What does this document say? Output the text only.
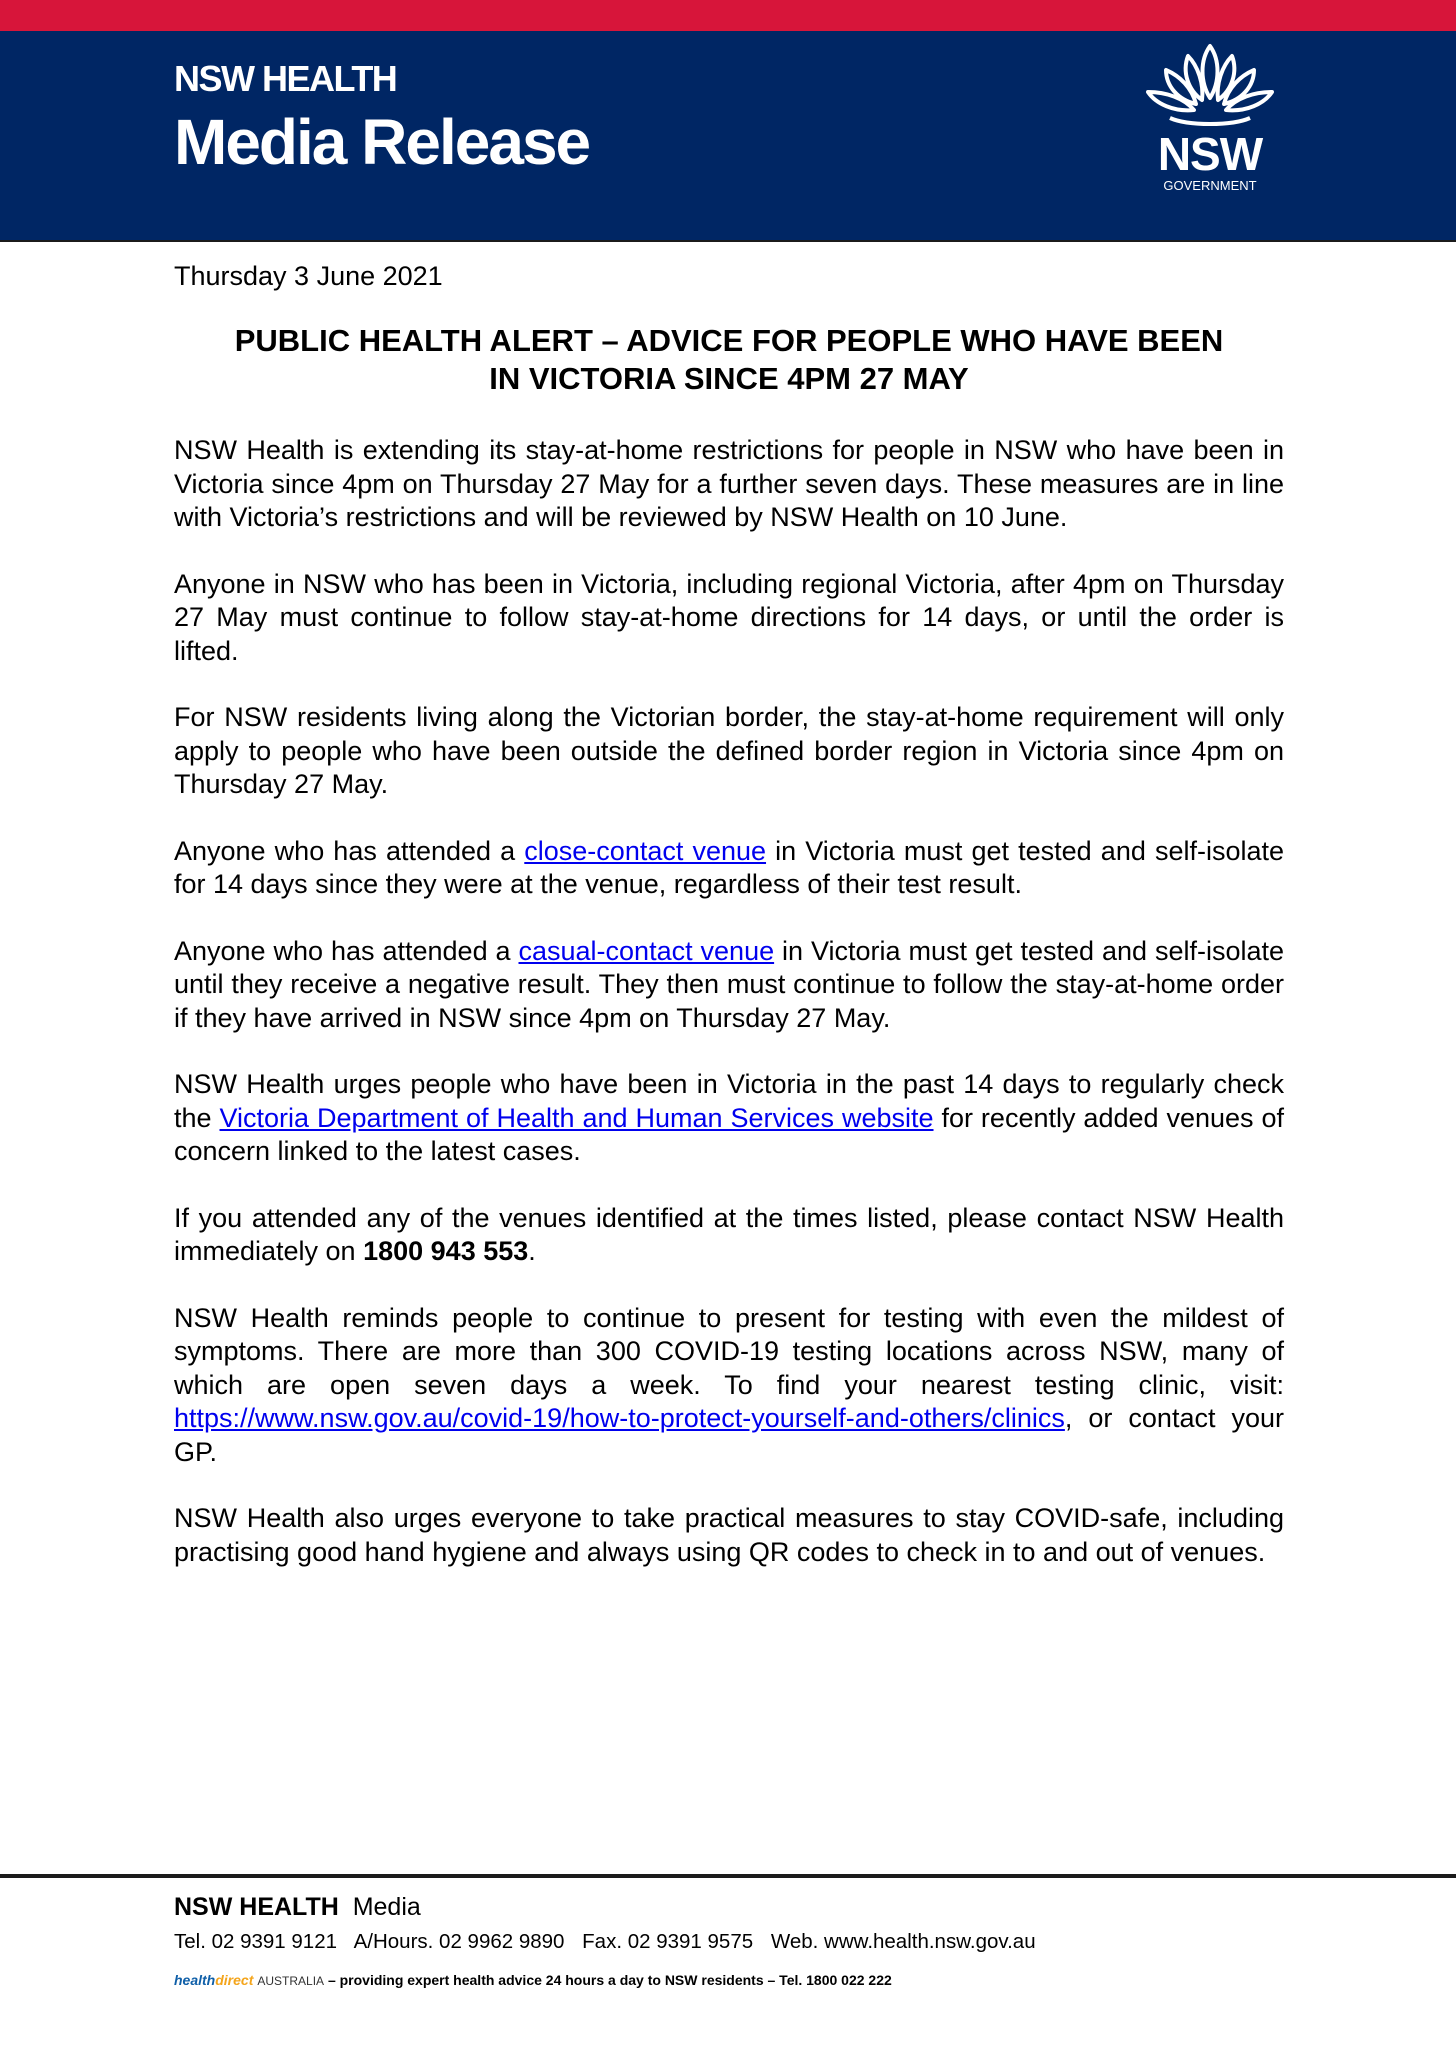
NSW HEALTH
Media Release	NSW
GOVERNMENT
Thursday 3 June 2021
PUBLIC HEALTH ALERT – ADVICE FOR PEOPLE WHO HAVE BEEN
IN VICTORIA SINCE 4PM 27 MAY

NSW Health is extending its stay-at-home restrictions for people in NSW who have been in Victoria since 4pm on Thursday 27 May for a further seven days. These measures are in line with Victoria’s restrictions and will be reviewed by NSW Health on 10 June.

Anyone in NSW who has been in Victoria, including regional Victoria, after 4pm on Thursday 27 May must continue to follow stay-at-home directions for 14 days, or until the order is lifted.

For NSW residents living along the Victorian border, the stay-at-home requirement will only apply to people who have been outside the defined border region in Victoria since 4pm on Thursday 27 May.

Anyone who has attended a close-contact venue in Victoria must get tested and self-isolate for 14 days since they were at the venue, regardless of their test result.

Anyone who has attended a casual-contact venue in Victoria must get tested and self-isolate until they receive a negative result. They then must continue to follow the stay-at-home order if they have arrived in NSW since 4pm on Thursday 27 May.

NSW Health urges people who have been in Victoria in the past 14 days to regularly check the Victoria Department of Health and Human Services website for recently added venues of concern linked to the latest cases.

If you attended any of the venues identified at the times listed, please contact NSW Health immediately on 1800 943 553.

NSW Health reminds people to continue to present for testing with even the mildest of symptoms. There are more than 300 COVID-19 testing locations across NSW, many of which are open seven days a week. To find your nearest testing clinic, visit: https://www.nsw.gov.au/covid-19/how-to-protect-yourself-and-others/clinics, or contact your GP.

NSW Health also urges everyone to take practical measures to stay COVID-safe, including practising good hand hygiene and always using QR codes to check in to and out of venues.

NSW HEALTH Media
Tel. 02 9391 9121 A/Hours. 02 9962 9890 Fax. 02 9391 9575 Web. www.health.nsw.gov.au
healthdirect AUSTRALIA – providing expert health advice 24 hours a day to NSW residents – Tel. 1800 022 222
